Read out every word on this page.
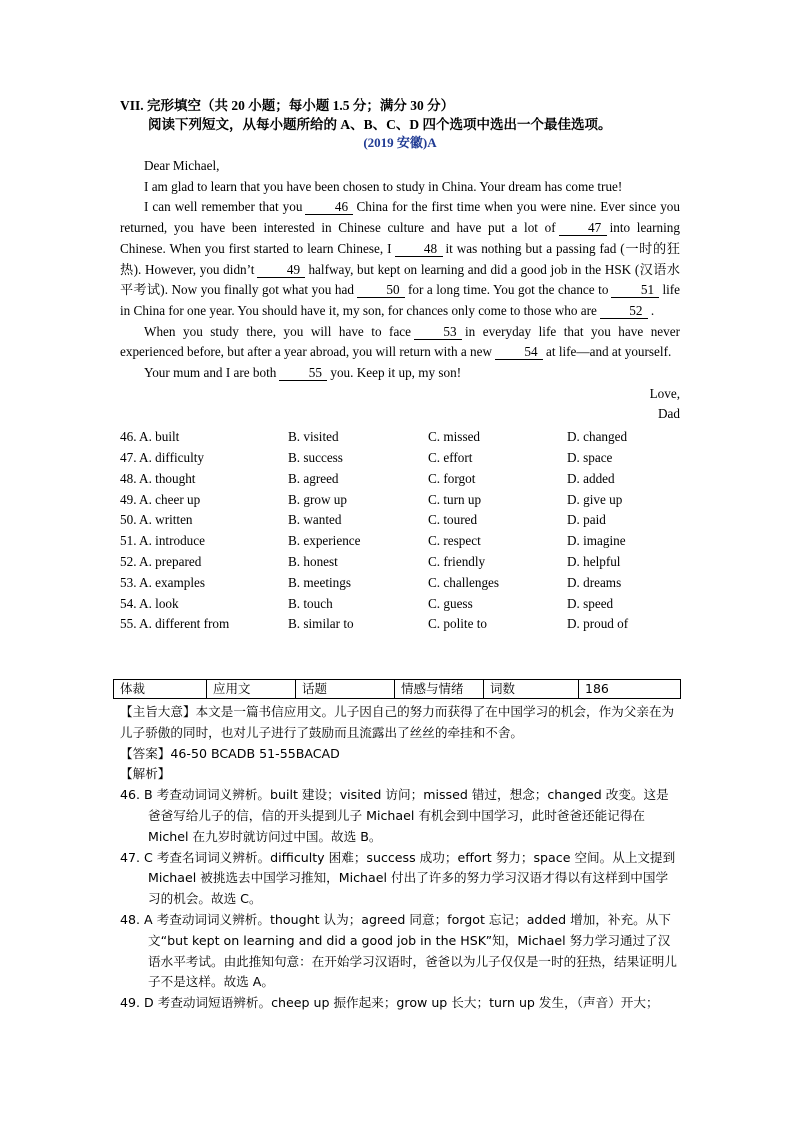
VII. 完形填空（共 20 小题；每小题 1.5 分；满分 30 分）

阅读下列短文，从每小题所给的 A、B、C、D 四个选项中选出一个最佳选项。

(2019 安徽)A

Dear Michael,

I am glad to learn that you have been chosen to study in China. Your dream has come true!

I can well remember that you 46 China for the first time when you were nine. Ever since you returned, you have been interested in Chinese culture and have put a lot of 47 into learning Chinese. When you first started to learn Chinese, I 48 it was nothing but a passing fad (一时的狂热). However, you didn’t 49 halfway, but kept on learning and did a good job in the HSK (汉语水平考试). Now you finally got what you had 50 for a long time. You got the chance to 51 life in China for one year. You should have it, my son, for chances only come to those who are 52 .

When you study there, you will have to face 53 in everyday life that you have never experienced before, but after a year abroad, you will return with a new 54 at life—and at yourself.

Your mum and I are both 55 you. Keep it up, my son!

Love,

Dad

46. A. built	B. visited	C. missed	D. changed
47. A. difficulty	B. success	C. effort	D. space
48. A. thought	B. agreed	C. forgot	D. added
49. A. cheer up	B. grow up	C. turn up	D. give up
50. A. written	B. wanted	C. toured	D. paid
51. A. introduce	B. experience	C. respect	D. imagine
52. A. prepared	B. honest	C. friendly	D. helpful
53. A. examples	B. meetings	C. challenges	D. dreams
54. A. look	B. touch	C. guess	D. speed
55. A. different from	B. similar to	C. polite to	D. proud of
体裁	应用文	话题	情感与情绪	词数	186

【主旨大意】本文是一篇书信应用文。儿子因自己的努力而获得了在中国学习的机会，作为父亲在为儿子骄傲的同时，也对儿子进行了鼓励而且流露出了丝丝的牵挂和不舍。

【答案】46-50 BCADB 51-55BACAD

【解析】

46. B 考查动词词义辨析。built 建设；visited 访问；missed 错过，想念；changed 改变。这是爸爸写给儿子的信，信的开头提到儿子 Michael 有机会到中国学习，此时爸爸还能记得在 Michel 在九岁时就访问过中国。故选 B。

47. C 考查名词词义辨析。difficulty 困难；success 成功；effort 努力；space 空间。从上文提到 Michael 被挑选去中国学习推知，Michael 付出了许多的努力学习汉语才得以有这样到中国学习的机会。故选 C。

48. A 考查动词词义辨析。thought 认为；agreed 同意；forgot 忘记；added 增加，补充。从下文“but kept on learning and did a good job in the HSK”知，Michael 努力学习通过了汉语水平考试。由此推知句意：在开始学习汉语时，爸爸以为儿子仅仅是一时的狂热，结果证明儿子不是这样。故选 A。

49. D 考查动词短语辨析。cheep up 振作起来；grow up 长大；turn up 发生，（声音）开大；
